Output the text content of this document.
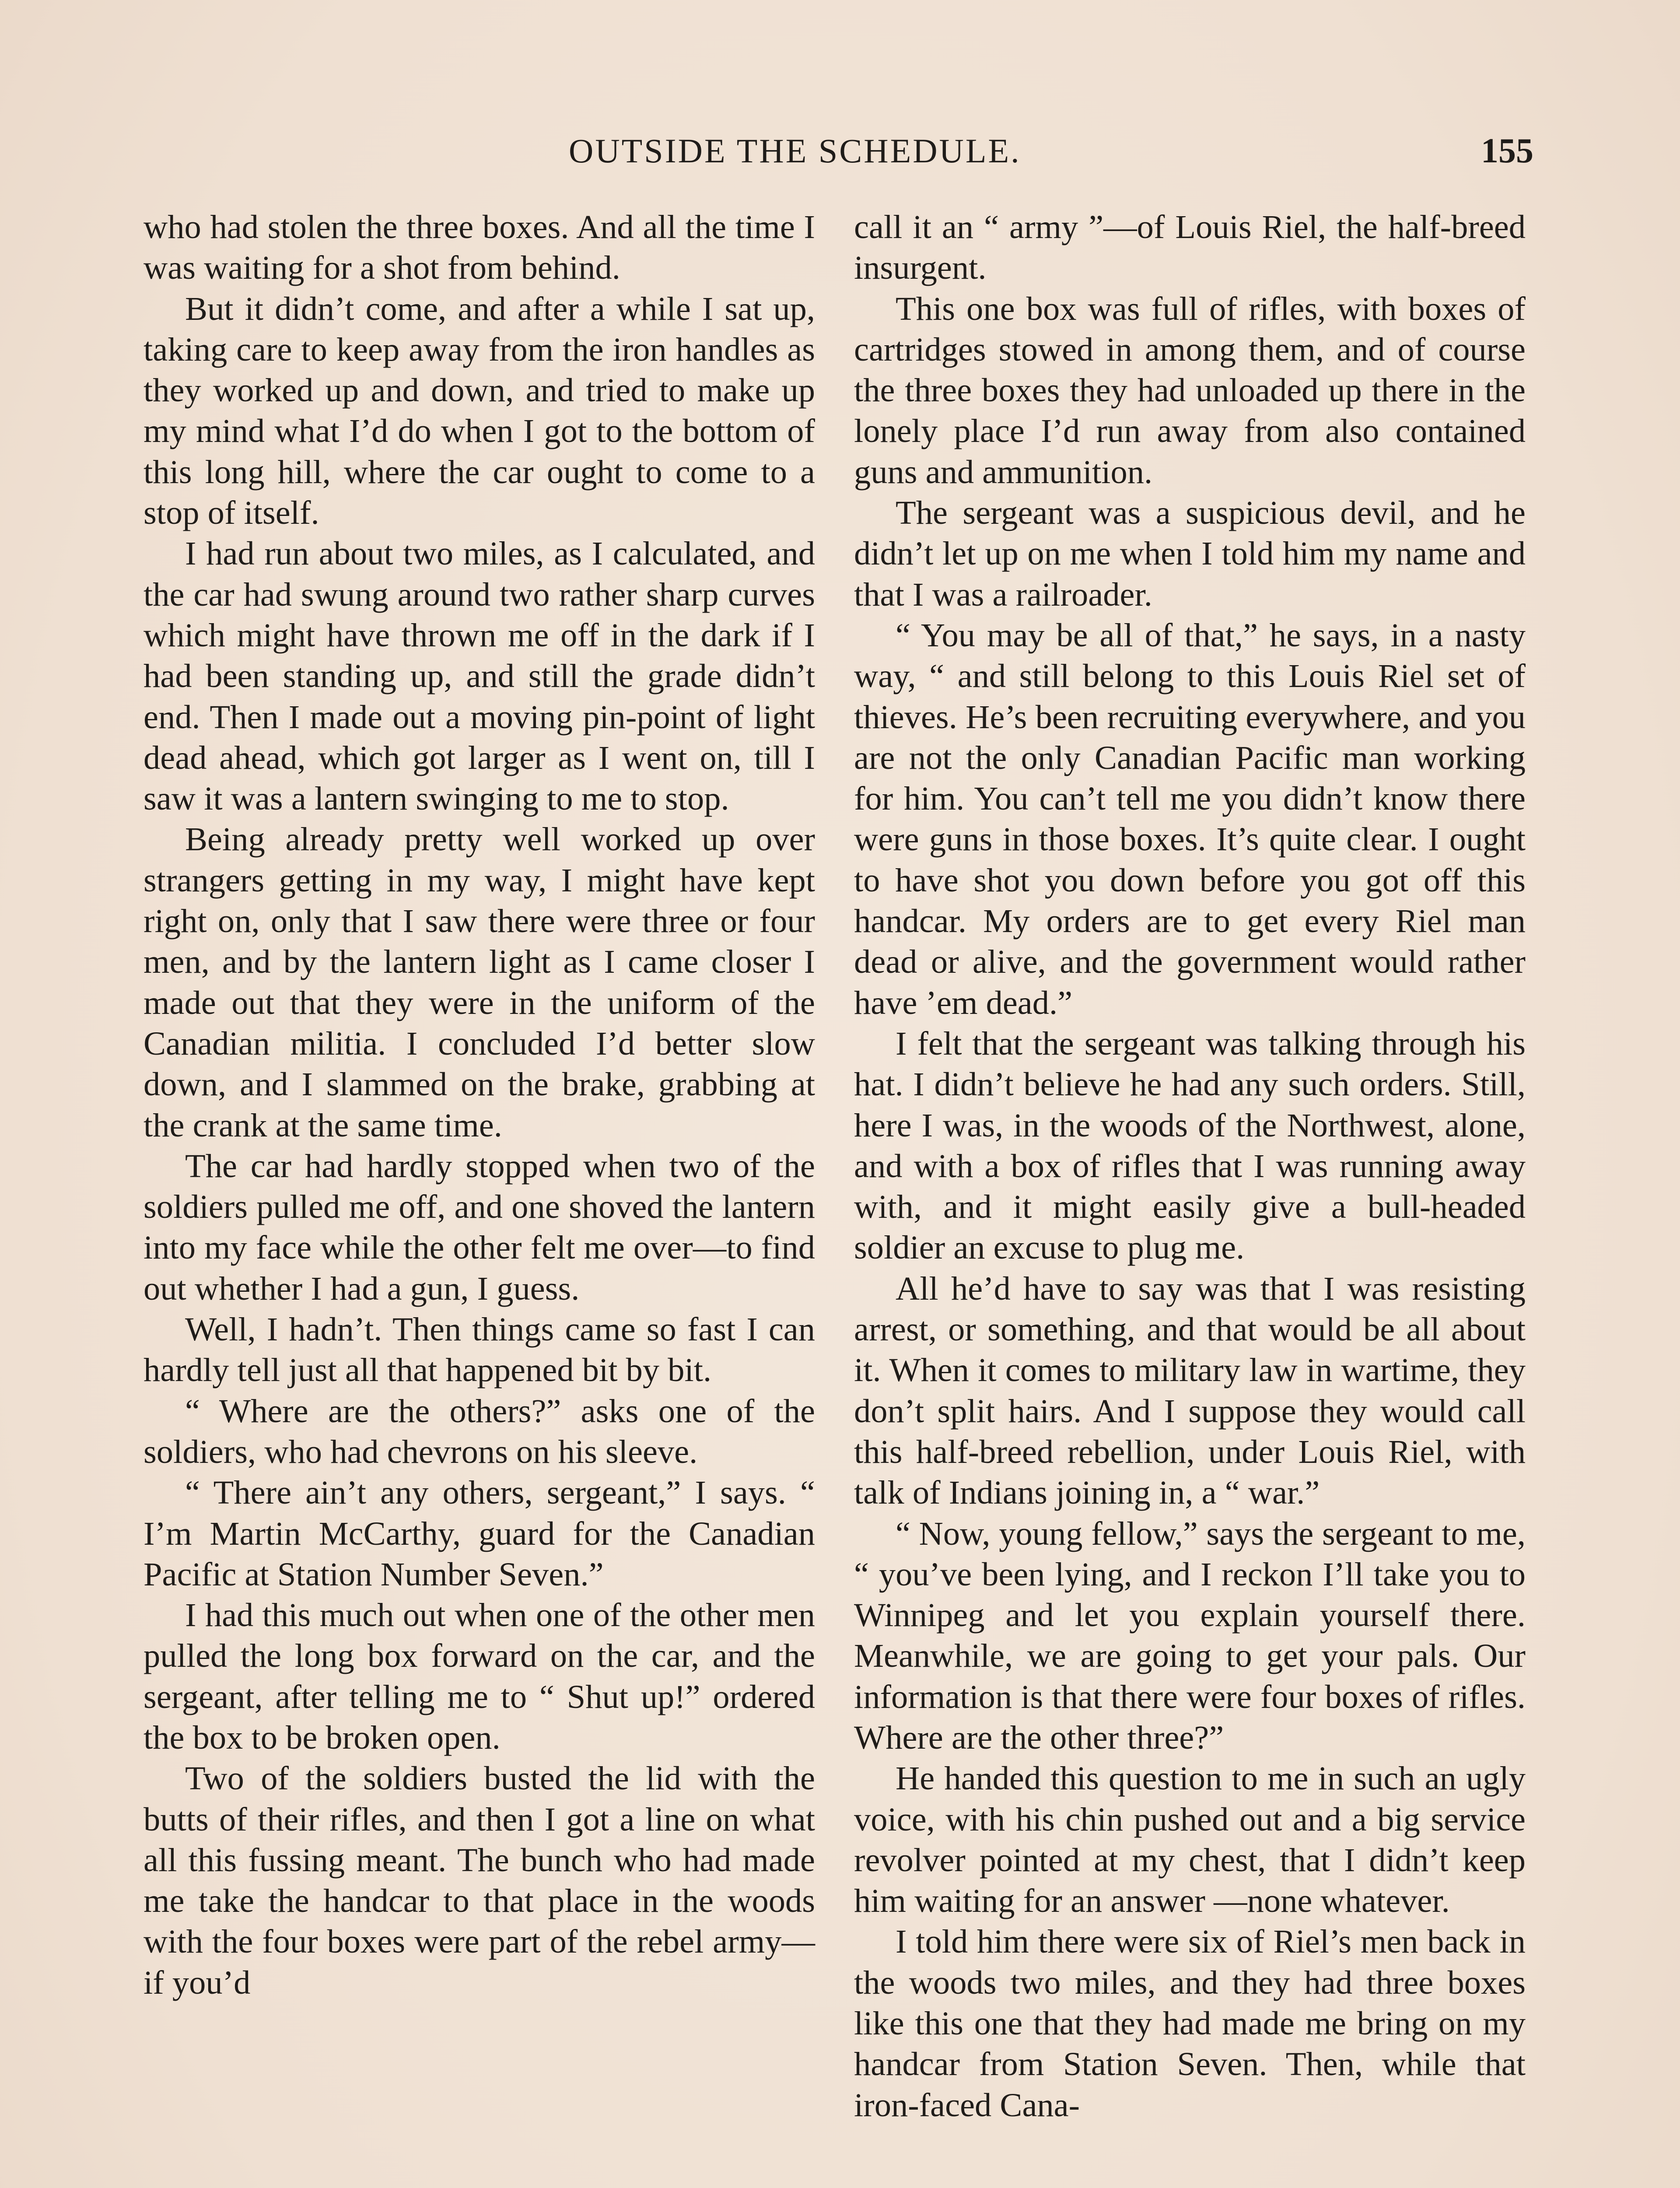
OUTSIDE THE SCHEDULE.	155

who had stolen the three boxes. And all the time I was waiting for a shot from behind.

But it didn’t come, and after a while I sat up, taking care to keep away from the iron handles as they worked up and down, and tried to make up my mind what I’d do when I got to the bottom of this long hill, where the car ought to come to a stop of itself.

I had run about two miles, as I calculated, and the car had swung around two rather sharp curves which might have thrown me off in the dark if I had been standing up, and still the grade didn’t end. Then I made out a moving pin-point of light dead ahead, which got larger as I went on, till I saw it was a lantern swinging to me to stop.

Being already pretty well worked up over strangers getting in my way, I might have kept right on, only that I saw there were three or four men, and by the lantern light as I came closer I made out that they were in the uniform of the Canadian militia. I concluded I’d better slow down, and I slammed on the brake, grabbing at the crank at the same time.

The car had hardly stopped when two of the soldiers pulled me off, and one shoved the lantern into my face while the other felt me over—to find out whether I had a gun, I guess.

Well, I hadn’t. Then things came so fast I can hardly tell just all that happened bit by bit.

“ Where are the others?” asks one of the soldiers, who had chevrons on his sleeve.

“ There ain’t any others, sergeant,” I says. “ I’m Martin McCarthy, guard for the Canadian Pacific at Station Number Seven.”

I had this much out when one of the other men pulled the long box forward on the car, and the sergeant, after telling me to “ Shut up!” ordered the box to be broken open.

Two of the soldiers busted the lid with the butts of their rifles, and then I got a line on what all this fussing meant. The bunch who had made me take the handcar to that place in the woods with the four boxes were part of the rebel army—if you’d

call it an “ army ”—of Louis Riel, the half-breed insurgent.

This one box was full of rifles, with boxes of cartridges stowed in among them, and of course the three boxes they had unloaded up there in the lonely place I’d run away from also contained guns and ammunition.

The sergeant was a suspicious devil, and he didn’t let up on me when I told him my name and that I was a railroader.

“ You may be all of that,” he says, in a nasty way, “ and still belong to this Louis Riel set of thieves. He’s been recruiting everywhere, and you are not the only Canadian Pacific man working for him. You can’t tell me you didn’t know there were guns in those boxes. It’s quite clear. I ought to have shot you down before you got off this handcar. My orders are to get every Riel man dead or alive, and the government would rather have ’em dead.”

I felt that the sergeant was talking through his hat. I didn’t believe he had any such orders. Still, here I was, in the woods of the Northwest, alone, and with a box of rifles that I was running away with, and it might easily give a bull-headed soldier an excuse to plug me.

All he’d have to say was that I was resisting arrest, or something, and that would be all about it. When it comes to military law in wartime, they don’t split hairs. And I suppose they would call this half-breed rebellion, under Louis Riel, with talk of Indians joining in, a “ war.”

“ Now, young fellow,” says the sergeant to me, “ you’ve been lying, and I reckon I’ll take you to Winnipeg and let you explain yourself there. Meanwhile, we are going to get your pals. Our information is that there were four boxes of rifles. Where are the other three?”

He handed this question to me in such an ugly voice, with his chin pushed out and a big service revolver pointed at my chest, that I didn’t keep him waiting for an answer —none whatever.

I told him there were six of Riel’s men back in the woods two miles, and they had three boxes like this one that they had made me bring on my handcar from Station Seven. Then, while that iron-faced Cana-
